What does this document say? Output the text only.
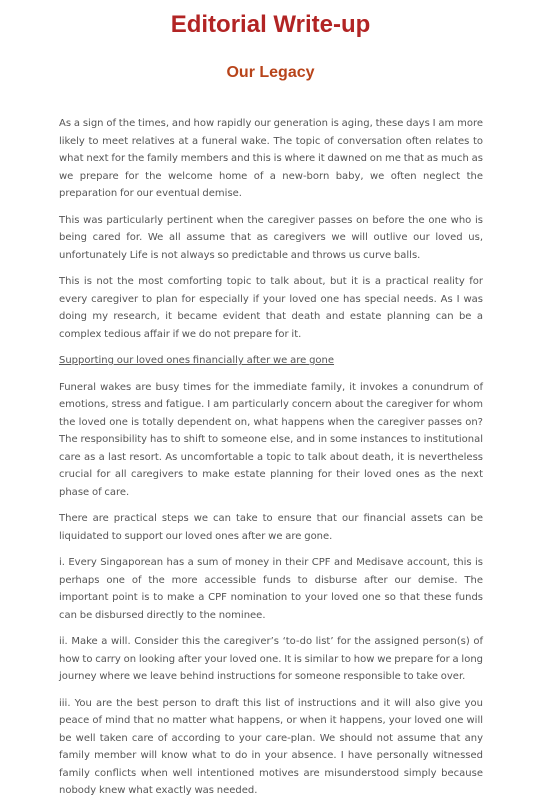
Editorial Write-up
Our Legacy

As a sign of the times, and how rapidly our generation is aging, these days I am more likely to meet relatives at a funeral wake. The topic of conversation often relates to what next for the family members and this is where it dawned on me that as much as we prepare for the welcome home of a new-born baby, we often neglect the preparation for our eventual demise.

This was particularly pertinent when the caregiver passes on before the one who is being cared for. We all assume that as caregivers we will outlive our loved us, unfortunately Life is not always so predictable and throws us curve balls.

This is not the most comforting topic to talk about, but it is a practical reality for every caregiver to plan for especially if your loved one has special needs. As I was doing my research, it became evident that death and estate planning can be a complex tedious affair if we do not prepare for it.

Supporting our loved ones financially after we are gone

Funeral wakes are busy times for the immediate family, it invokes a conundrum of emotions, stress and fatigue. I am particularly concern about the caregiver for whom the loved one is totally dependent on, what happens when the caregiver passes on? The responsibility has to shift to someone else, and in some instances to institutional care as a last resort. As uncomfortable a topic to talk about death, it is nevertheless crucial for all caregivers to make estate planning for their loved ones as the next phase of care.

There are practical steps we can take to ensure that our financial assets can be liquidated to support our loved ones after we are gone.

i. Every Singaporean has a sum of money in their CPF and Medisave account, this is perhaps one of the more accessible funds to disburse after our demise. The important point is to make a CPF nomination to your loved one so that these funds can be disbursed directly to the nominee.

ii. Make a will. Consider this the caregiver’s ‘to-do list’ for the assigned person(s) of how to carry on looking after your loved one. It is similar to how we prepare for a long journey where we leave behind instructions for someone responsible to take over.

iii. You are the best person to draft this list of instructions and it will also give you peace of mind that no matter what happens, or when it happens, your loved one will be well taken care of according to your care-plan. We should not assume that any family member will know what to do in your absence. I have personally witnessed family conflicts when well intentioned motives are misunderstood simply because nobody knew what exactly was needed.
